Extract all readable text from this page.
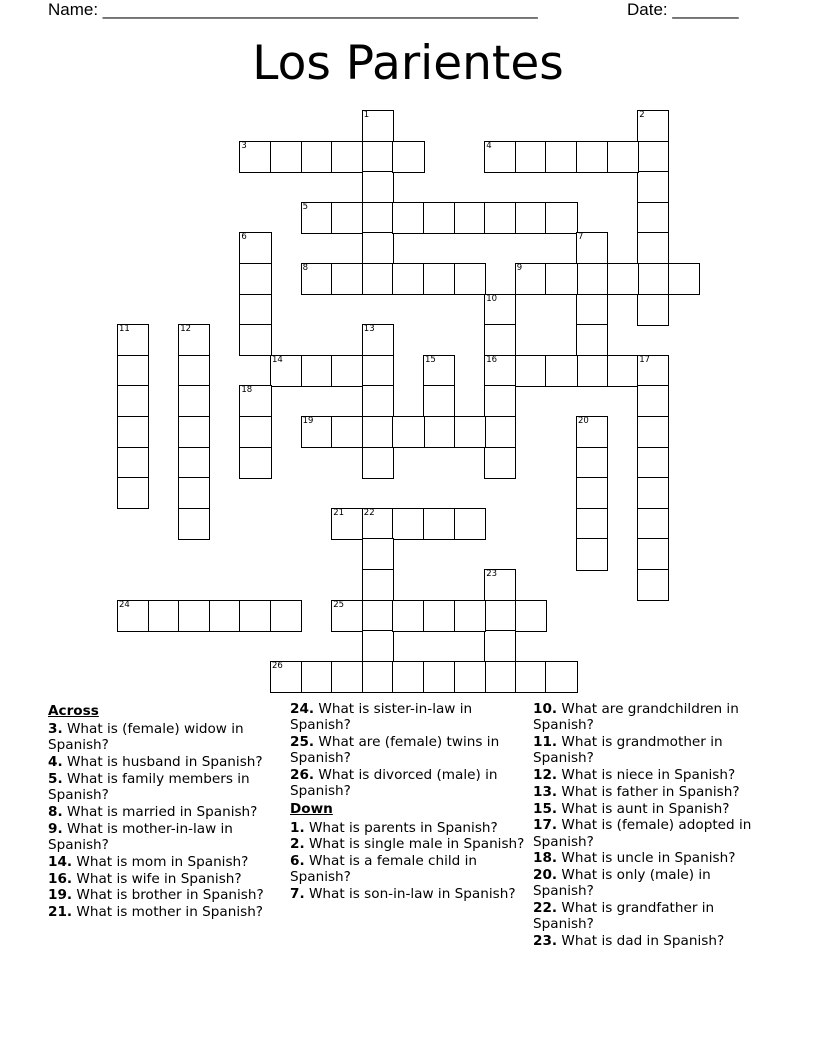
Name: ______________________________________________	Date: _______
Los Parientes
1	2
3	4
5
6	7
8	9
10
16
11	12	13
14	15	17
18
19	20
21 22
23
24	25
26
Across
3. What is (female) widow in Spanish?
4. What is husband in Spanish?
5. What is family members in Spanish?
8. What is married in Spanish?
9. What is mother-in-law in Spanish?
14. What is mom in Spanish?
16. What is wife in Spanish?
19. What is brother in Spanish?
21. What is mother in Spanish?
24. What is sister-in-law in Spanish?
25. What are (female) twins in Spanish?
26. What is divorced (male) in Spanish?
Down
1. What is parents in Spanish?
2. What is single male in Spanish?
6. What is a female child in Spanish?
7. What is son-in-law in Spanish?
10. What are grandchildren in Spanish?
11. What is grandmother in Spanish?
12. What is niece in Spanish?
13. What is father in Spanish?
15. What is aunt in Spanish?
17. What is (female) adopted in Spanish?
18. What is uncle in Spanish?
20. What is only (male) in Spanish?
22. What is grandfather in Spanish?
23. What is dad in Spanish?
